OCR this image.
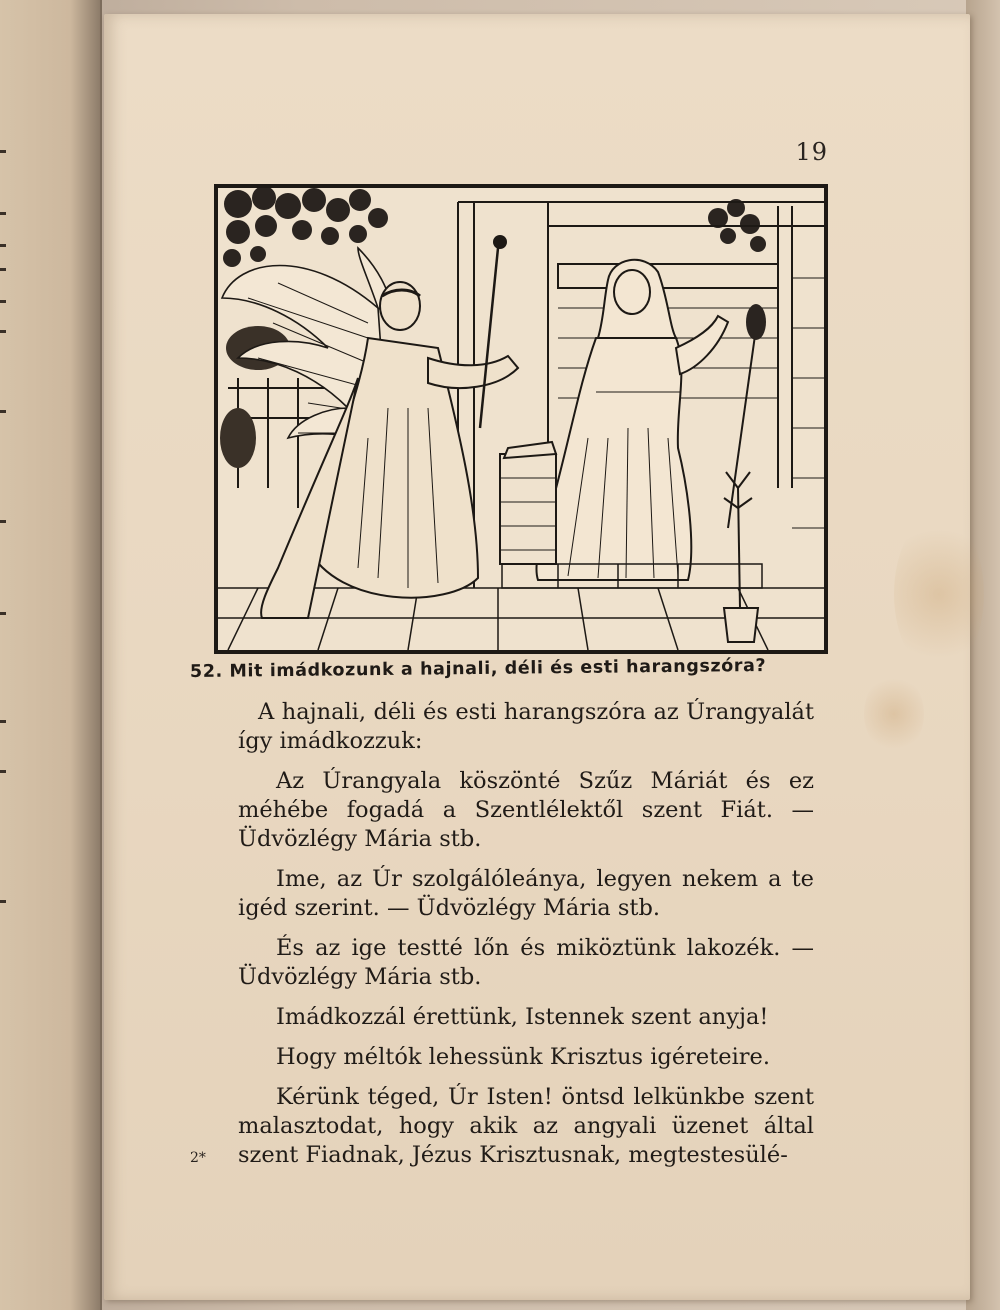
19
52. Mit imádkozunk a hajnali, déli és esti harangszóra?

A hajnali, déli és esti harangszóra az Úrangyalát így imádkozzuk:

Az Úrangyala köszönté Szűz Máriát és ez méhébe fogadá a Szentlélektől szent Fiát. — Üdvözlégy Mária stb.

Ime, az Úr szolgálóleánya, legyen nekem a te igéd szerint. — Üdvözlégy Mária stb.

És az ige testté lőn és miköztünk lakozék. — Üdvözlégy Mária stb.

Imádkozzál érettünk, Istennek szent anyja!

Hogy méltók lehessünk Krisztus igéreteire.

Kérünk téged, Úr Isten! öntsd lelkünkbe szent malasztodat, hogy akik az angyali üzenet által szent Fiadnak, Jézus Krisztusnak, megtestesülé-

2*
